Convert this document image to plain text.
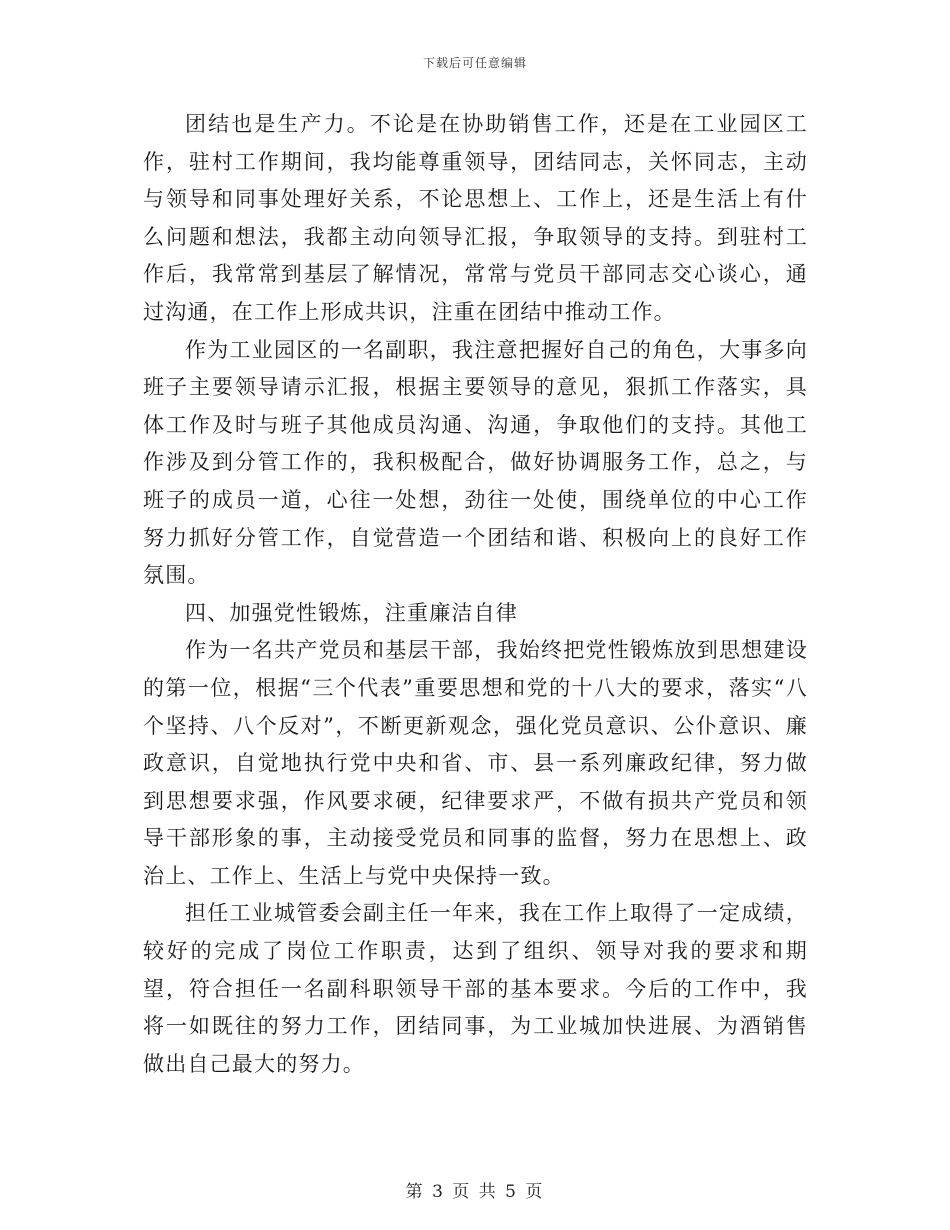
下载后可任意编辑

团结也是生产力。不论是在协助销售工作，还是在工业园区工作，驻村工作期间，我均能尊重领导，团结同志，关怀同志，主动与领导和同事处理好关系，不论思想上、工作上，还是生活上有什么问题和想法，我都主动向领导汇报，争取领导的支持。到驻村工作后，我常常到基层了解情况，常常与党员干部同志交心谈心，通过沟通，在工作上形成共识，注重在团结中推动工作。

作为工业园区的一名副职，我注意把握好自己的角色，大事多向班子主要领导请示汇报，根据主要领导的意见，狠抓工作落实，具体工作及时与班子其他成员沟通、沟通，争取他们的支持。其他工作涉及到分管工作的，我积极配合，做好协调服务工作，总之，与班子的成员一道，心往一处想，劲往一处使，围绕单位的中心工作努力抓好分管工作，自觉营造一个团结和谐、积极向上的良好工作氛围。

四、加强党性锻炼，注重廉洁自律

作为一名共产党员和基层干部，我始终把党性锻炼放到思想建设的第一位，根据“三个代表”重要思想和党的十八大的要求，落实“八个坚持、八个反对”，不断更新观念，强化党员意识、公仆意识、廉政意识，自觉地执行党中央和省、市、县一系列廉政纪律，努力做到思想要求强，作风要求硬，纪律要求严，不做有损共产党员和领导干部形象的事，主动接受党员和同事的监督，努力在思想上、政治上、工作上、生活上与党中央保持一致。

担任工业城管委会副主任一年来，我在工作上取得了一定成绩，较好的完成了岗位工作职责，达到了组织、领导对我的要求和期望，符合担任一名副科职领导干部的基本要求。今后的工作中，我将一如既往的努力工作，团结同事，为工业城加快进展、为酒销售做出自己最大的努力。

第 3 页 共 5 页
